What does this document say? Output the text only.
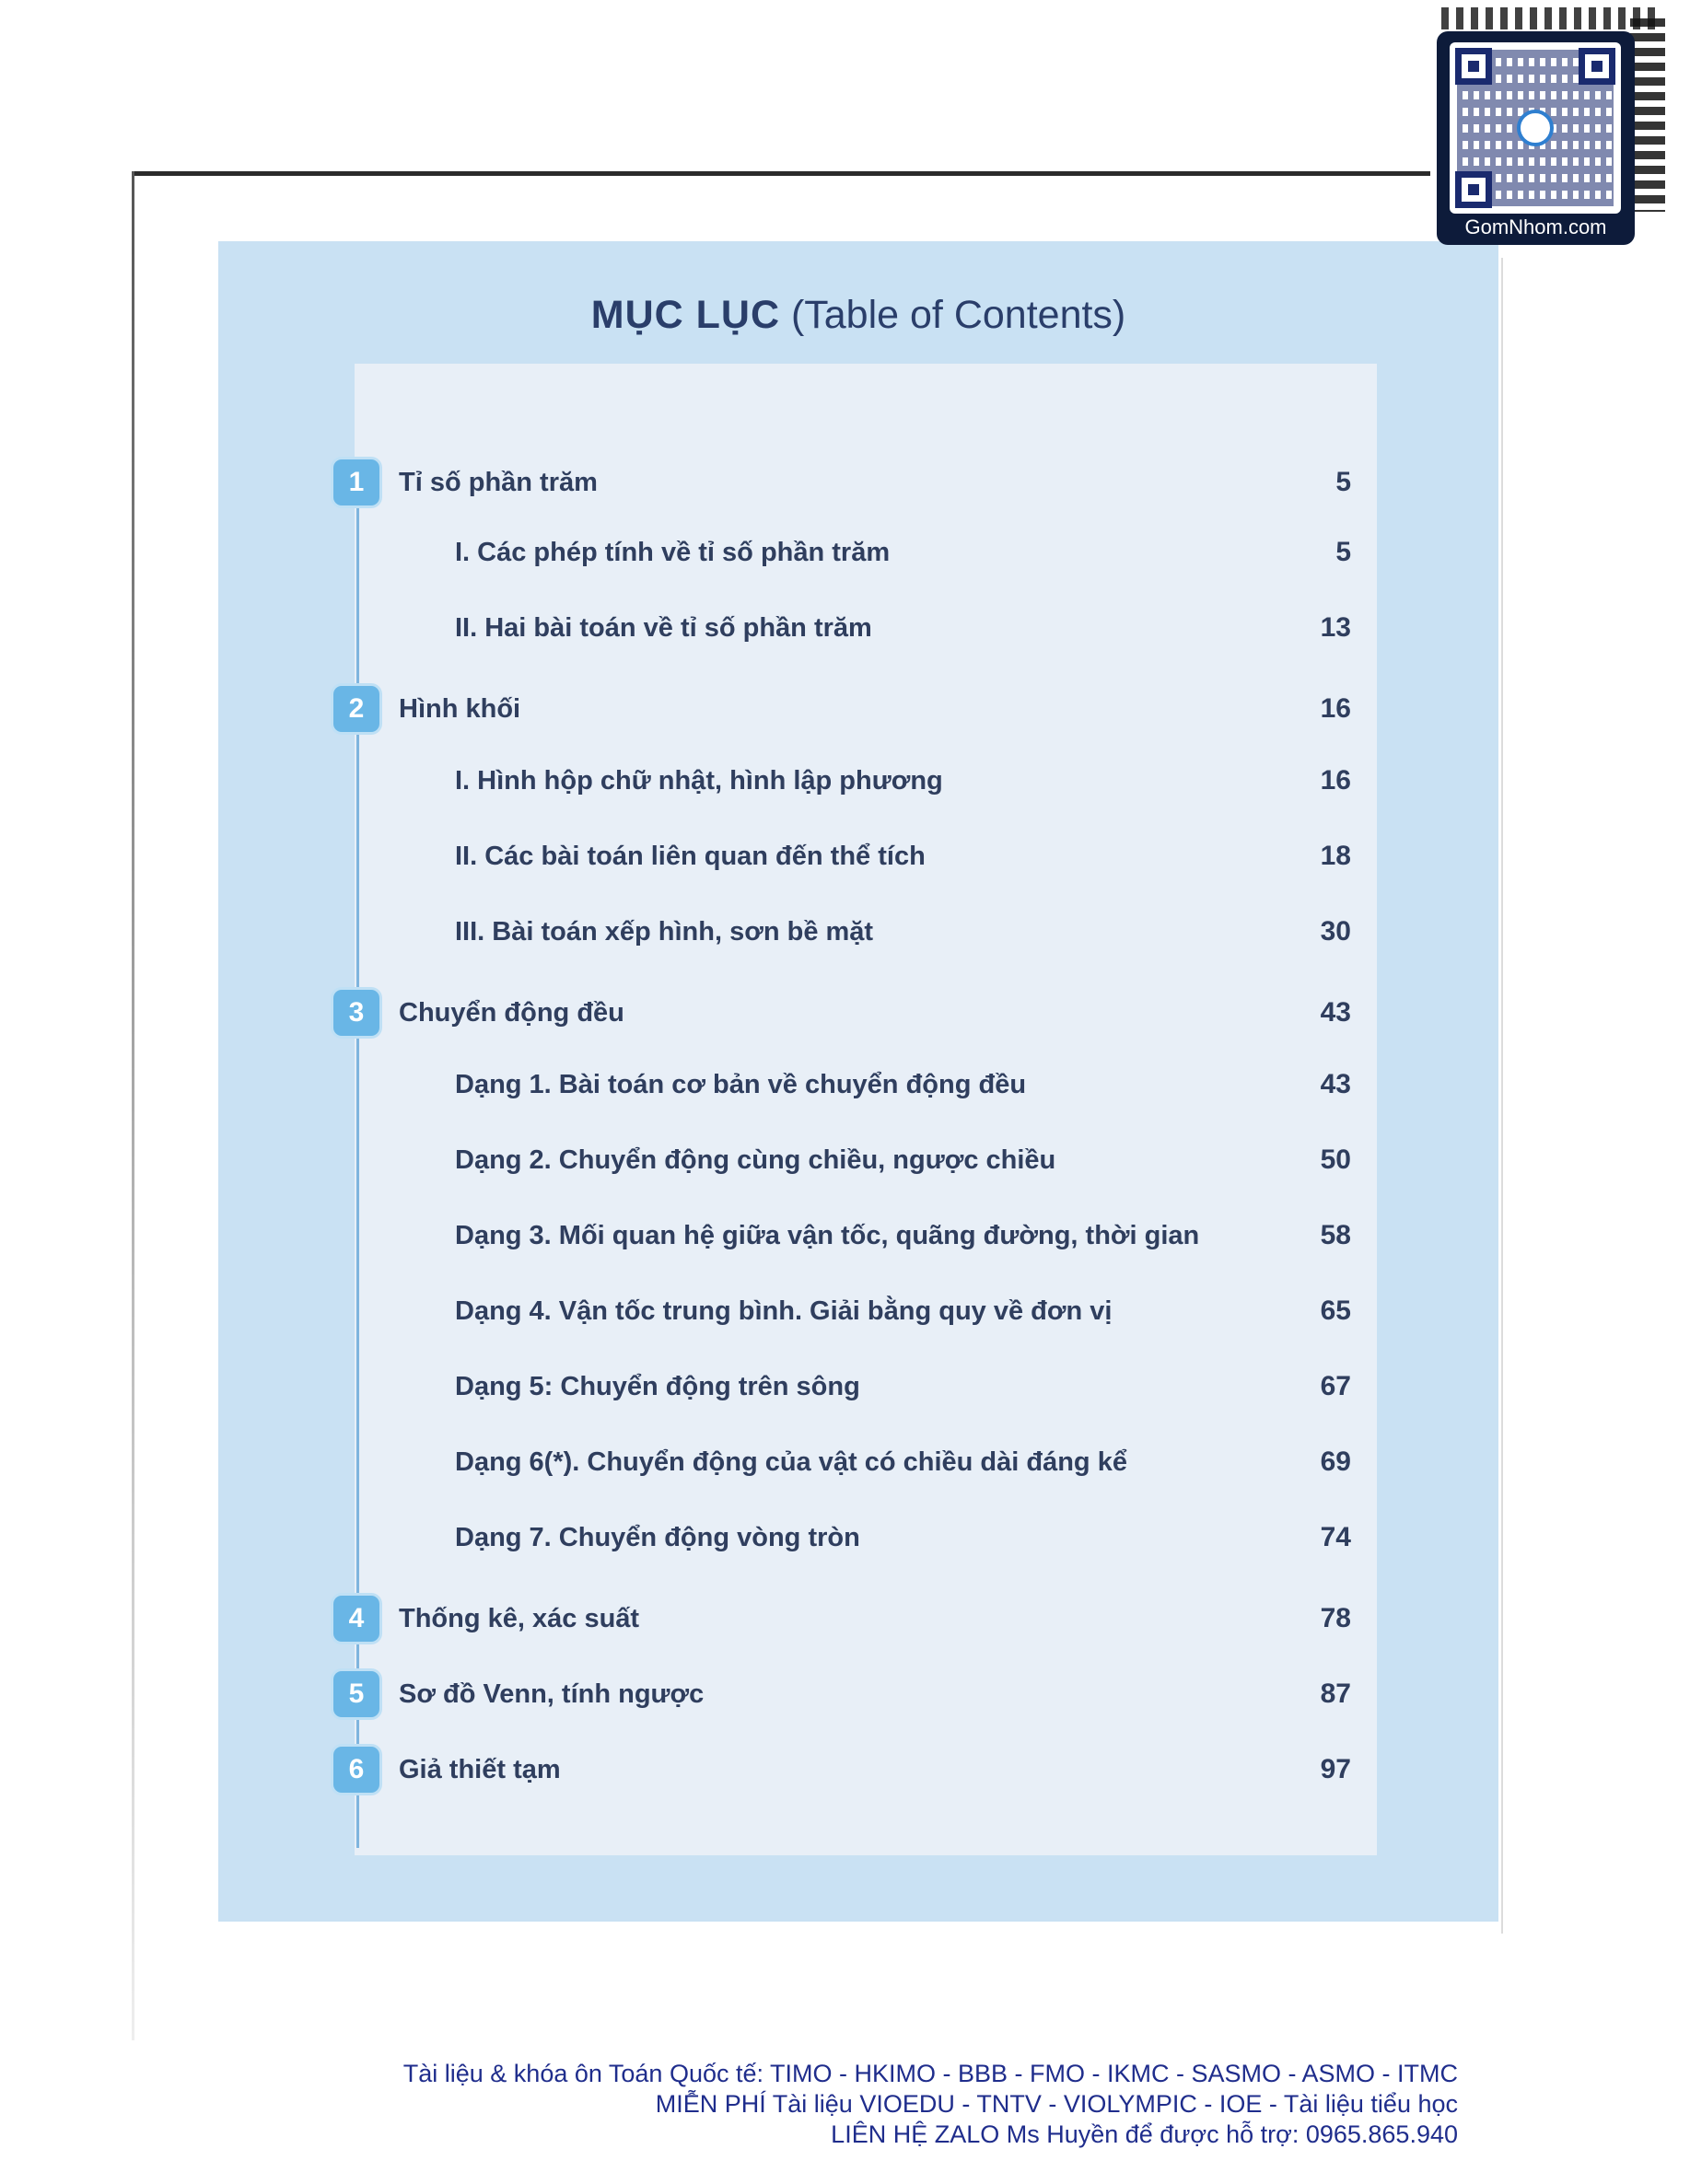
MỤC LỤC (Table of Contents)
1	Tỉ số phần trăm	5
I. Các phép tính về tỉ số phần trăm	5
II. Hai bài toán về tỉ số phần trăm	13
2	Hình khối	16
I. Hình hộp chữ nhật, hình lập phương	16
II. Các bài toán liên quan đến thể tích	18
III. Bài toán xếp hình, sơn bề mặt	30
3	Chuyển động đều	43
Dạng 1. Bài toán cơ bản về chuyển động đều	43
Dạng 2. Chuyển động cùng chiều, ngược chiều	50
Dạng 3. Mối quan hệ giữa vận tốc, quãng đường, thời gian	58
Dạng 4. Vận tốc trung bình. Giải bằng quy về đơn vị	65
Dạng 5: Chuyển động trên sông	67
Dạng 6(*). Chuyển động của vật có chiều dài đáng kể	69
Dạng 7. Chuyển động vòng tròn	74
4	Thống kê, xác suất	78
5	Sơ đồ Venn, tính ngược	87
6	Giả thiết tạm	97
GomNhom.com
Tài liệu & khóa ôn Toán Quốc tế: TIMO - HKIMO - BBB - FMO - IKMC - SASMO - ASMO - ITMC
MIỄN PHÍ Tài liệu VIOEDU - TNTV - VIOLYMPIC - IOE - Tài liệu tiểu học
LIÊN HỆ ZALO Ms Huyền để được hỗ trợ: 0965.865.940
